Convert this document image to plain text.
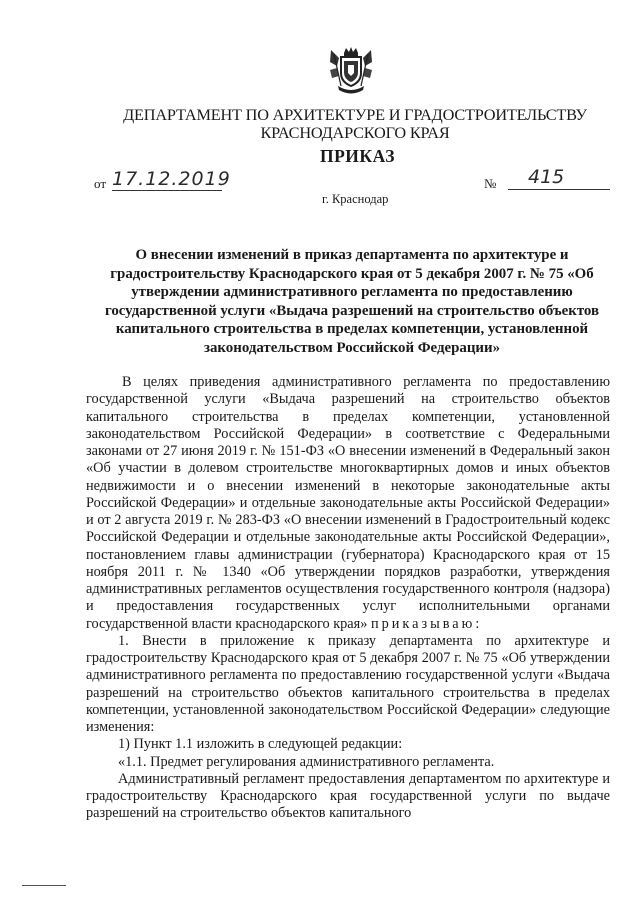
ДЕПАРТАМЕНТ ПО АРХИТЕКТУРЕ И ГРАДОСТРОИТЕЛЬСТВУ КРАСНОДАРСКОГО КРАЯ
ПРИКАЗ
от 17.12.2019
г. Краснодар
№	415
О внесении изменений в приказ департамента по архитектуре и градостроительству Краснодарского края от 5 декабря 2007 г. № 75 «Об утверждении административного регламента по предоставлению государственной услуги «Выдача разрешений на строительство объектов капитального строительства в пределах компетенции, установленной законодательством Российской Федерации»

В целях приведения административного регламента по предоставлению государственной услуги «Выдача разрешений на строительство объектов капитального строительства в пределах компетенции, установленной законодательством Российской Федерации» в соответствие с Федеральными законами от 27 июня 2019 г. № 151-ФЗ «О внесении изменений в Федеральный закон «Об участии в долевом строительстве многоквартирных домов и иных объектов недвижимости и о внесении изменений в некоторые законодательные акты Российской Федерации» и отдельные законодательные акты Российской Федерации» и от 2 августа 2019 г. № 283-ФЗ «О внесении изменений в Градостроительный кодекс Российской Федерации и отдельные законодательные акты Российской Федерации», постановлением главы администрации (губернатора) Краснодарского края от 15 ноября 2011 г. № 1340 «Об утверждении порядков разработки, утверждения административных регламентов осуществления государственного контроля (надзора) и предоставления государственных услуг исполнительными органами государственной власти краснодарского края» приказываю:

1. Внести в приложение к приказу департамента по архитектуре и градостроительству Краснодарского края от 5 декабря 2007 г. № 75 «Об утверждении административного регламента по предоставлению государственной услуги «Выдача разрешений на строительство объектов капитального строительства в пределах компетенции, установленной законодательством Российской Федерации» следующие изменения:

1) Пункт 1.1 изложить в следующей редакции:

«1.1. Предмет регулирования административного регламента.

Административный регламент предоставления департаментом по архитектуре и градостроительству Краснодарского края государственной услуги по выдаче разрешений на строительство объектов капитального
